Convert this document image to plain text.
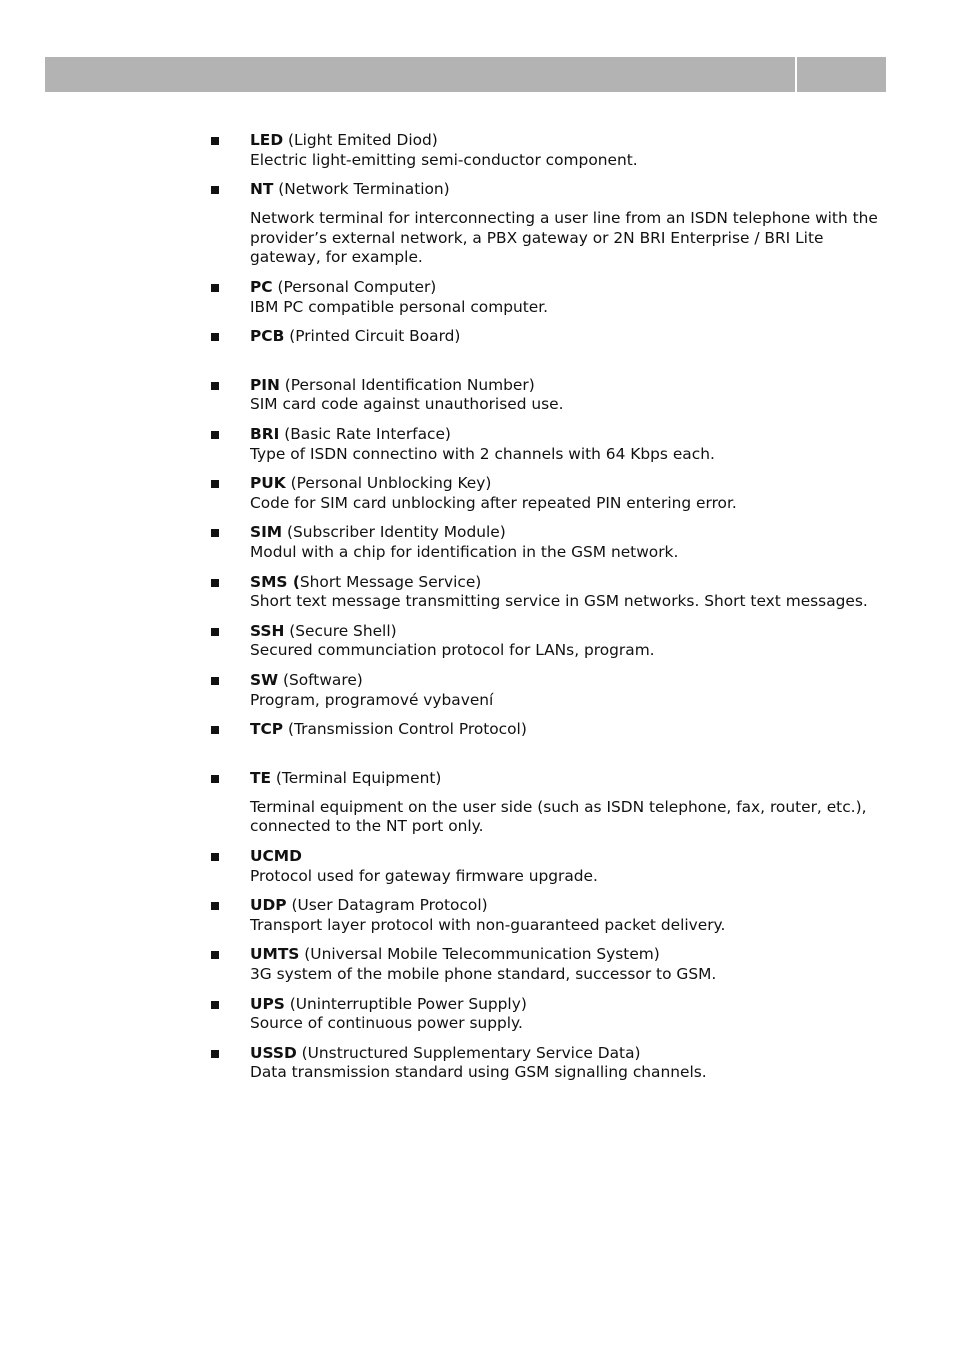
LED (Light Emited Diod)
Electric light-emitting semi-conductor component.
NT (Network Termination)
Network terminal for interconnecting a user line from an ISDN telephone with the provider’s external network, a PBX gateway or 2N BRI Enterprise / BRI Lite gateway, for example.
PC (Personal Computer)
IBM PC compatible personal computer.
PCB (Printed Circuit Board)
PIN (Personal Identification Number)
SIM card code against unauthorised use.
BRI (Basic Rate Interface)
Type of ISDN connectino with 2 channels with 64 Kbps each.
PUK (Personal Unblocking Key)
Code for SIM card unblocking after repeated PIN entering error.
SIM (Subscriber Identity Module)
Modul with a chip for identification in the GSM network.
SMS (Short Message Service)
Short text message transmitting service in GSM networks. Short text messages.
SSH (Secure Shell)
Secured communciation protocol for LANs, program.
SW (Software)
Program, programové vybavení
TCP (Transmission Control Protocol)
TE (Terminal Equipment)
Terminal equipment on the user side (such as ISDN telephone, fax, router, etc.), connected to the NT port only.
UCMD
Protocol used for gateway firmware upgrade.
UDP (User Datagram Protocol)
Transport layer protocol with non-guaranteed packet delivery.
UMTS (Universal Mobile Telecommunication System)
3G system of the mobile phone standard, successor to GSM.
UPS (Uninterruptible Power Supply)
Source of continuous power supply.
USSD (Unstructured Supplementary Service Data)
Data transmission standard using GSM signalling channels.
